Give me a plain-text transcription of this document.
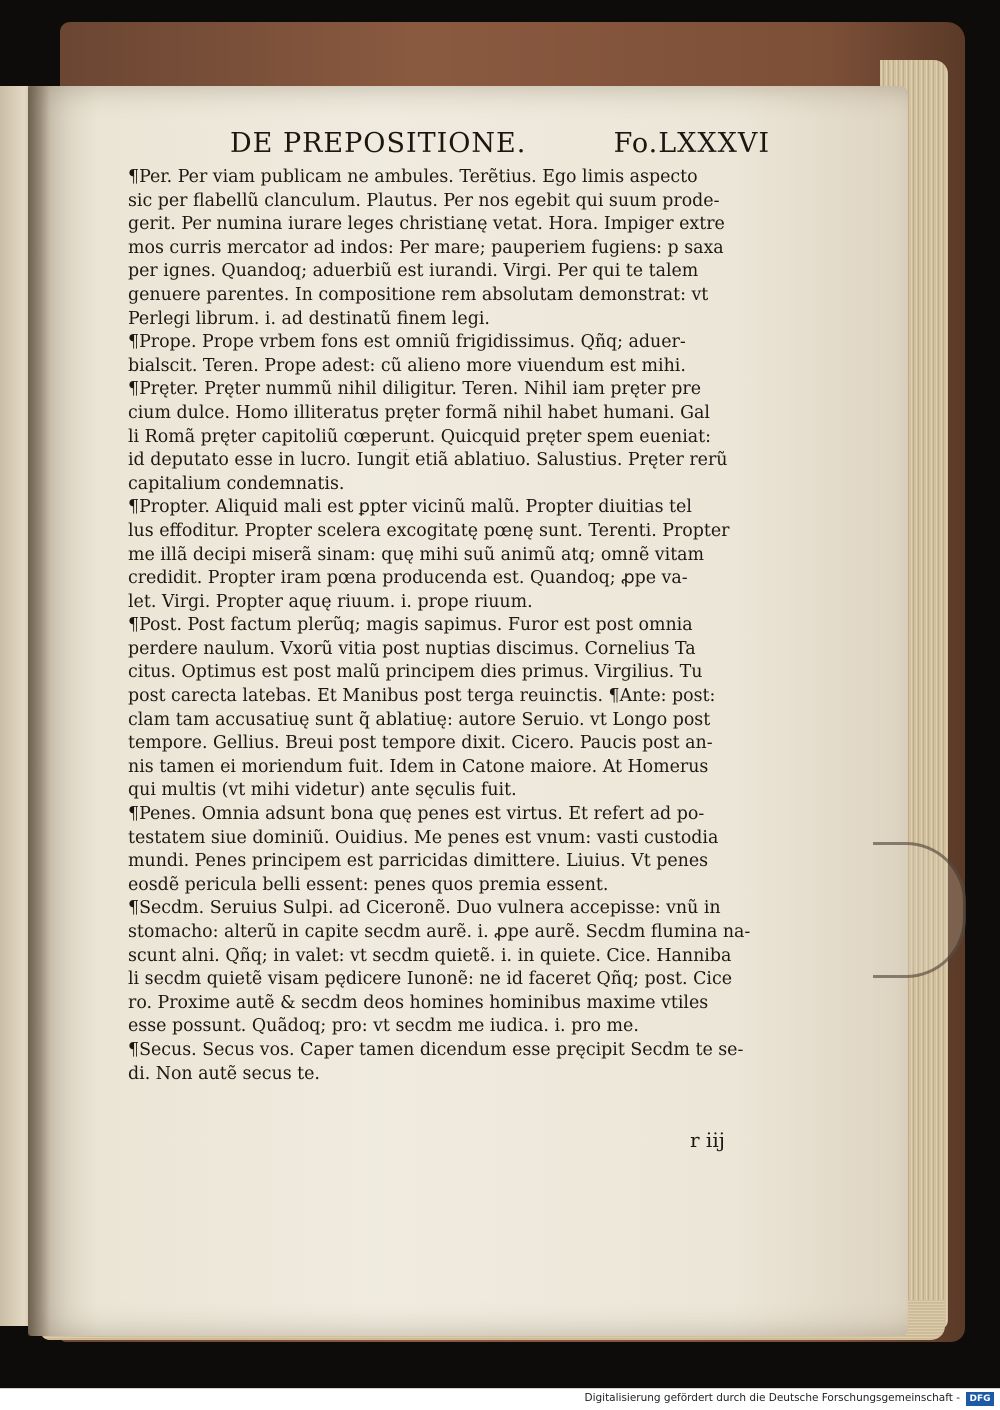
DE PREPOSITIONE.	Fo.LXXXVI
¶Per. Per viam publicam ne ambules. Terẽtius. Ego limis aspecto
sic per flabellũ clanculum. Plautus. Per nos egebit qui suum prode-
gerit. Per numina iurare leges christianę vetat. Hora. Impiger extre
mos curris mercator ad indos: Per mare; pauperiem fugiens: p saxa
per ignes. Quandoq; aduerbiũ est iurandi. Virgi. Per qui te talem
genuere parentes. In compositione rem absolutam demonstrat: vt
Perlegi librum. i. ad destinatũ finem legi.
¶Prope. Prope vrbem fons est omniũ frigidissimus. Qñq; aduer-
bialscit. Teren. Prope adest: cũ alieno more viuendum est mihi.
¶Pręter. Pręter nummũ nihil diligitur. Teren. Nihil iam pręter pre
cium dulce. Homo illiteratus pręter formã nihil habet humani. Gal
li Romã pręter capitoliũ cœperunt. Quicquid pręter spem eueniat:
id deputato esse in lucro. Iungit̃ etiã ablatiuo. Salustius. Pręter rerũ
capitalium condemnatis.
¶Propter. Aliquid mali est ꝑpter vicinũ malũ. Propter diuitias tel
lus effoditur. Propter scelera excogitatę pœnę sunt. Terenti. Propter
me illã decipi miserã sinam: quę mihi suũ animũ atq; omnẽ vitam
credidit. Propter iram pœna producenda est. Quandoq; ꝓpe va-
let. Virgi. Propter aquę riuum. i. prope riuum.
¶Post. Post factum plerũq; magis sapimus. Furor est post omnia
perdere naulum. Vxorũ vitia post nuptias discimus. Cornelius Ta
citus. Optimus est post malũ principem dies primus. Virgilius. Tu
post carecta latebas. Et Manibus post terga reuinctis. ¶Ante: post:
clam tam accusatiuę sunt q̃ ablatiuę: autore Seruio. vt Longo post
tempore. Gellius. Breui post tempore dixit. Cicero. Paucis post an-
nis tamen ei moriendum fuit. Idem in Catone maiore. At Homerus
qui multis (vt mihi videtur) ante sęculis fuit.
¶Penes. Omnia adsunt bona quę penes est virtus. Et refert ad po-
testatem siue dominiũ. Ouidius. Me penes est vnum: vasti custodia
mundi. Penes principem est parricidas dimittere. Liuius. Vt penes
eosdẽ pericula belli essent: penes quos premia essent.
¶Secdm. Seruius Sulpi. ad Ciceronẽ. Duo vulnera accepisse: vnũ in
stomacho: alterũ in capite secdm aurẽ. i. ꝓpe aurẽ. Secdm flumina na-
scunt alni. Qñq; in valet: vt secdm quietẽ. i. in quiete. Cice. Hanniba
li secdm quietẽ visam pędicere Iunonẽ: ne id faceret Qñq; post. Cice
ro. Proxime autẽ & secdm deos homines hominibus maxime vtiles
esse possunt. Quãdoq; pro: vt secdm me iudica. i. pro me.
¶Secus. Secus vos. Caper tamen dicendum esse pręcipit Secdm te se-
di. Non autẽ secus te.
r iij
Digitalisierung gefördert durch die Deutsche Forschungsgemeinschaft -	DFG
